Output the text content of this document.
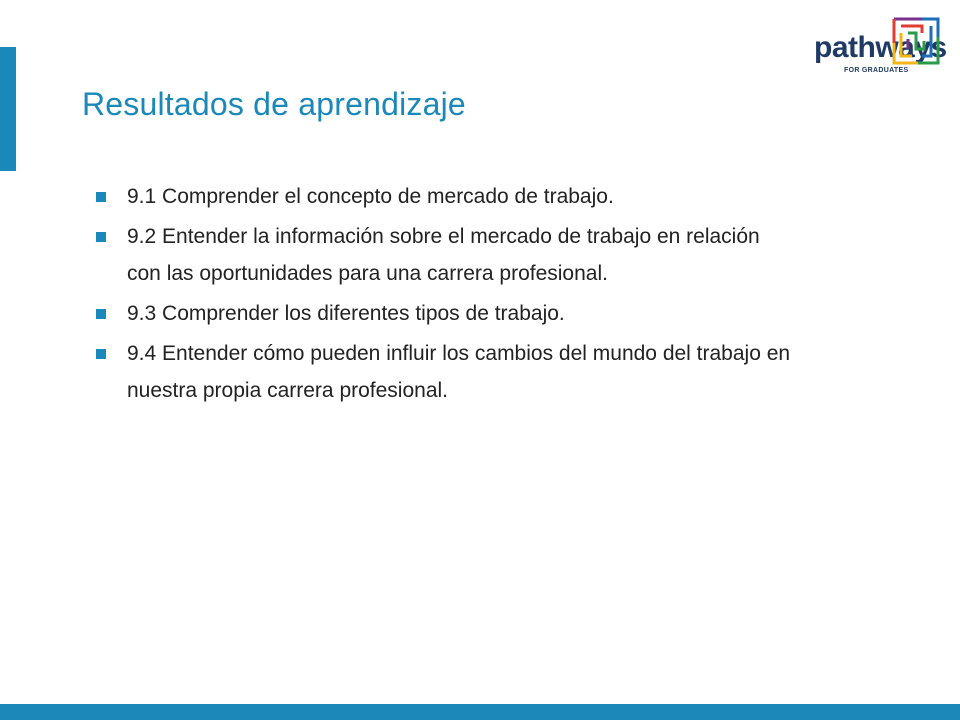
Resultados de aprendizaje
pathways
FOR GRADUATES
9.1 Comprender el concepto de mercado de trabajo.
9.2 Entender la información sobre el mercado de trabajo en relación con las oportunidades para una carrera profesional.
9.3 Comprender los diferentes tipos de trabajo.
9.4 Entender cómo pueden influir los cambios del mundo del trabajo en nuestra propia carrera profesional.
